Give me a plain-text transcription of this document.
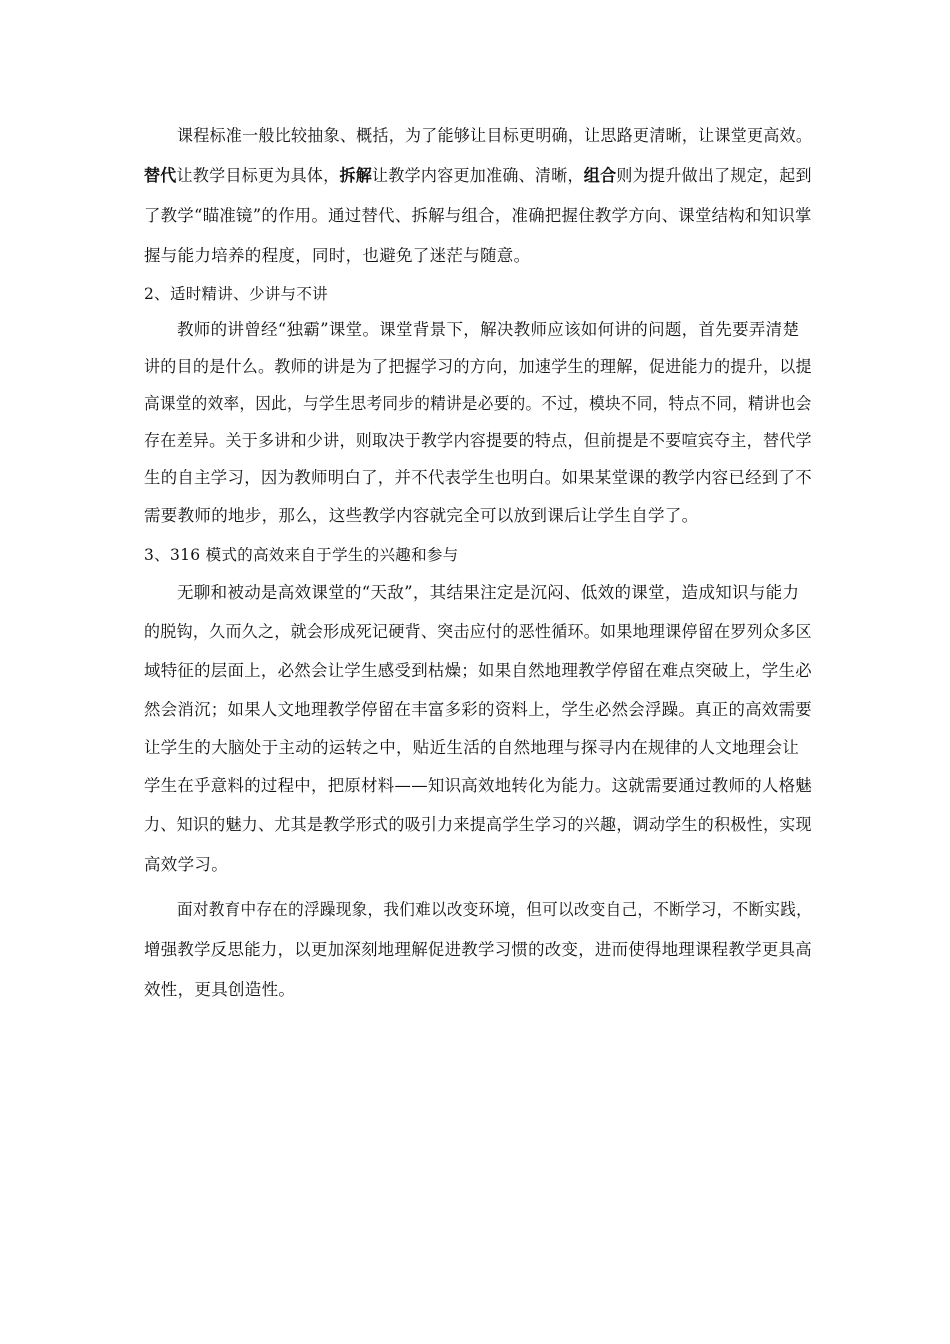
课程标准一般比较抽象、概括，为了能够让目标更明确，让思路更清晰，让课堂更高效。
替代让教学目标更为具体，拆解让教学内容更加准确、清晰，组合则为提升做出了规定，起到
了教学“瞄准镜”的作用。通过替代、拆解与组合，准确把握住教学方向、课堂结构和知识掌
握与能力培养的程度，同时，也避免了迷茫与随意。
2、适时精讲、少讲与不讲
教师的讲曾经“独霸”课堂。课堂背景下，解决教师应该如何讲的问题，首先要弄清楚
讲的目的是什么。教师的讲是为了把握学习的方向，加速学生的理解，促进能力的提升，以提
高课堂的效率，因此，与学生思考同步的精讲是必要的。不过，模块不同，特点不同，精讲也会
存在差异。关于多讲和少讲，则取决于教学内容提要的特点，但前提是不要喧宾夺主，替代学
生的自主学习，因为教师明白了，并不代表学生也明白。如果某堂课的教学内容已经到了不
需要教师的地步，那么，这些教学内容就完全可以放到课后让学生自学了。
3、316 模式的高效来自于学生的兴趣和参与
无聊和被动是高效课堂的“天敌”，其结果注定是沉闷、低效的课堂，造成知识与能力
的脱钩，久而久之，就会形成死记硬背、突击应付的恶性循环。如果地理课停留在罗列众多区
域特征的层面上，必然会让学生感受到枯燥；如果自然地理教学停留在难点突破上，学生必
然会消沉；如果人文地理教学停留在丰富多彩的资料上，学生必然会浮躁。真正的高效需要
让学生的大脑处于主动的运转之中，贴近生活的自然地理与探寻内在规律的人文地理会让
学生在乎意料的过程中，把原材料——知识高效地转化为能力。这就需要通过教师的人格魅
力、知识的魅力、尤其是教学形式的吸引力来提高学生学习的兴趣，调动学生的积极性，实现
高效学习。
面对教育中存在的浮躁现象，我们难以改变环境，但可以改变自己，不断学习，不断实践，
增强教学反思能力，以更加深刻地理解促进教学习惯的改变，进而使得地理课程教学更具高
效性，更具创造性。
